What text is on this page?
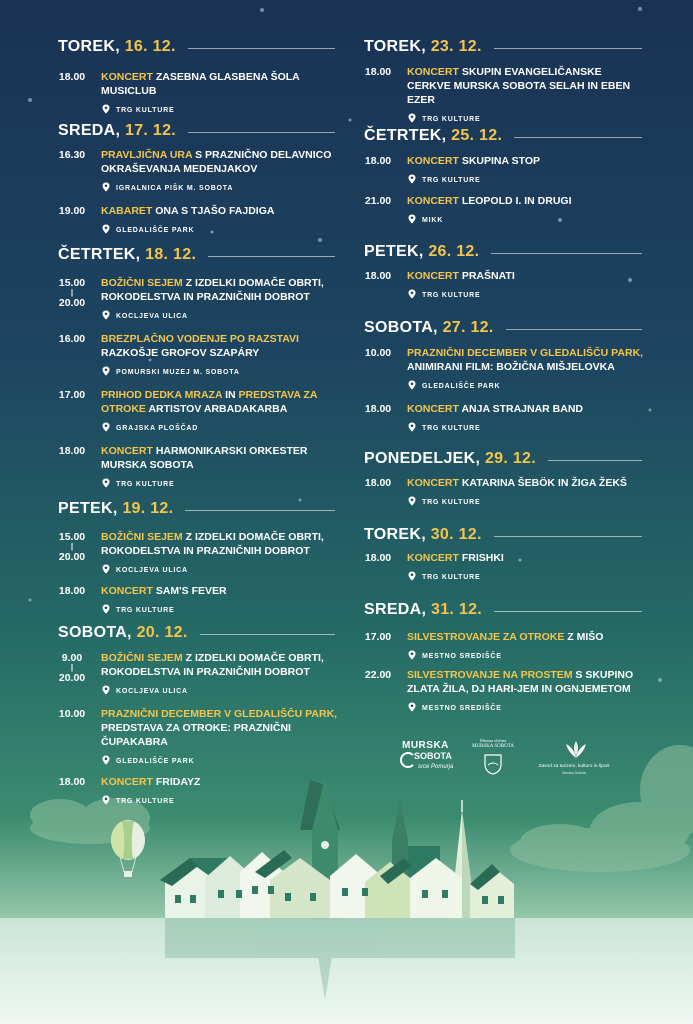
TOREK, 16. 12.
18.00 KONCERT ZASEBNA GLASBENA ŠOLA MUSICLUB
TRG KULTURE
SREDA, 17. 12.
16.30 PRAVLJIČNA URA S PRAZNIČNO DELAVNICO OKRAŠEVANJA MEDENJAKOV
IGRALNICA PIŠK M. SOBOTA
19.00 KABARET ONA S TJAŠO FAJDIGA
GLEDALIŠČE PARK
ČETRTEK, 18. 12.
15.00
|
20.00
BOŽIČNI SEJEM Z IZDELKI DOMAČE OBRTI, ROKODELSTVA IN PRAZNIČNIH DOBROT
KOCLJEVA ULICA
16.00 BREZPLAČNO VODENJE PO RAZSTAVI RAZKOŠJE GROFOV SZAPÁRY
POMURSKI MUZEJ M. SOBOTA
17.00 PRIHOD DEDKA MRAZA IN PREDSTAVA ZA OTROKE ARTISTOV ARBADAKARBA
GRAJSKA PLOŠČAD
18.00 KONCERT HARMONIKARSKI ORKESTER MURSKA SOBOTA
TRG KULTURE
PETEK, 19. 12.
15.00
|
20.00
BOŽIČNI SEJEM Z IZDELKI DOMAČE OBRTI, ROKODELSTVA IN PRAZNIČNIH DOBROT
KOCLJEVA ULICA
18.00 KONCERT SAM'S FEVER
TRG KULTURE
SOBOTA, 20. 12.
9.00
|
20.00
BOŽIČNI SEJEM Z IZDELKI DOMAČE OBRTI, ROKODELSTVA IN PRAZNIČNIH DOBROT
KOCLJEVA ULICA
10.00 PRAZNIČNI DECEMBER V GLEDALIŠČU PARK, PREDSTAVA ZA OTROKE: PRAZNIČNI ČUPAKABRA
GLEDALIŠČE PARK
18.00 KONCERT FRIDAYZ
TRG KULTURE
TOREK, 23. 12.
18.00 KONCERT SKUPIN EVANGELIČANSKE CERKVE MURSKA SOBOTA SELAH IN EBEN EZER
TRG KULTURE
ČETRTEK, 25. 12.
18.00 KONCERT SKUPINA STOP
TRG KULTURE
21.00 KONCERT LEOPOLD I. IN DRUGI
MIKK
PETEK, 26. 12.
18.00 KONCERT PRAŠNATI
TRG KULTURE
SOBOTA, 27. 12.
10.00 PRAZNIČNI DECEMBER V GLEDALIŠČU PARK, ANIMIRANI FILM: BOŽIČNA MIŠJELOVKA
GLEDALIŠČE PARK
18.00 KONCERT ANJA STRAJNAR BAND
TRG KULTURE
PONEDELJEK, 29. 12.
18.00 KONCERT KATARINA ŠEBÖK IN ŽIGA ŽEKŠ
TRG KULTURE
TOREK, 30. 12.
18.00 KONCERT FRISHKI
TRG KULTURE
SREDA, 31. 12.
17.00 SILVESTROVANJE ZA OTROKE Z MIŠO
MESTNO SREDIŠČE
22.00 SILVESTROVANJE NA PROSTEM S SKUPINO ZLATA ŽILA, DJ HARI-JEM IN OGNJEMETOM
MESTNO SREDIŠČE
MURSKA
SOBOTA
srce Pomurja
Mestna občina
MURSKA SOBOTA
Zavod za turizem, kulturo in šport
Murska Sobota
